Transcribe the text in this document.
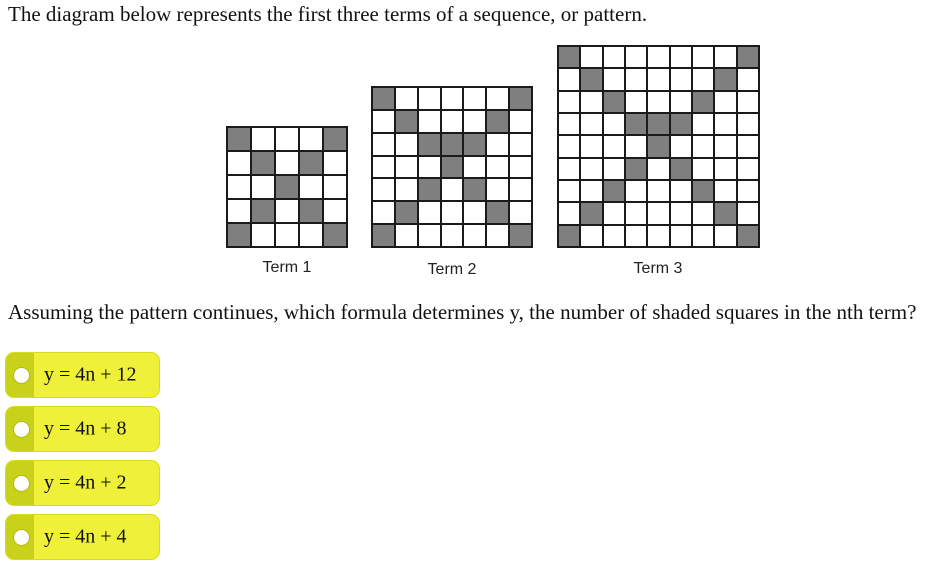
The diagram below represents the first three terms of a sequence, or pattern.
Term 1	Term 2	Term 3
Assuming the pattern continues, which formula determines y, the number of shaded squares in the nth term?
y = 4n + 12
y = 4n + 8
y = 4n + 2
y = 4n + 4
